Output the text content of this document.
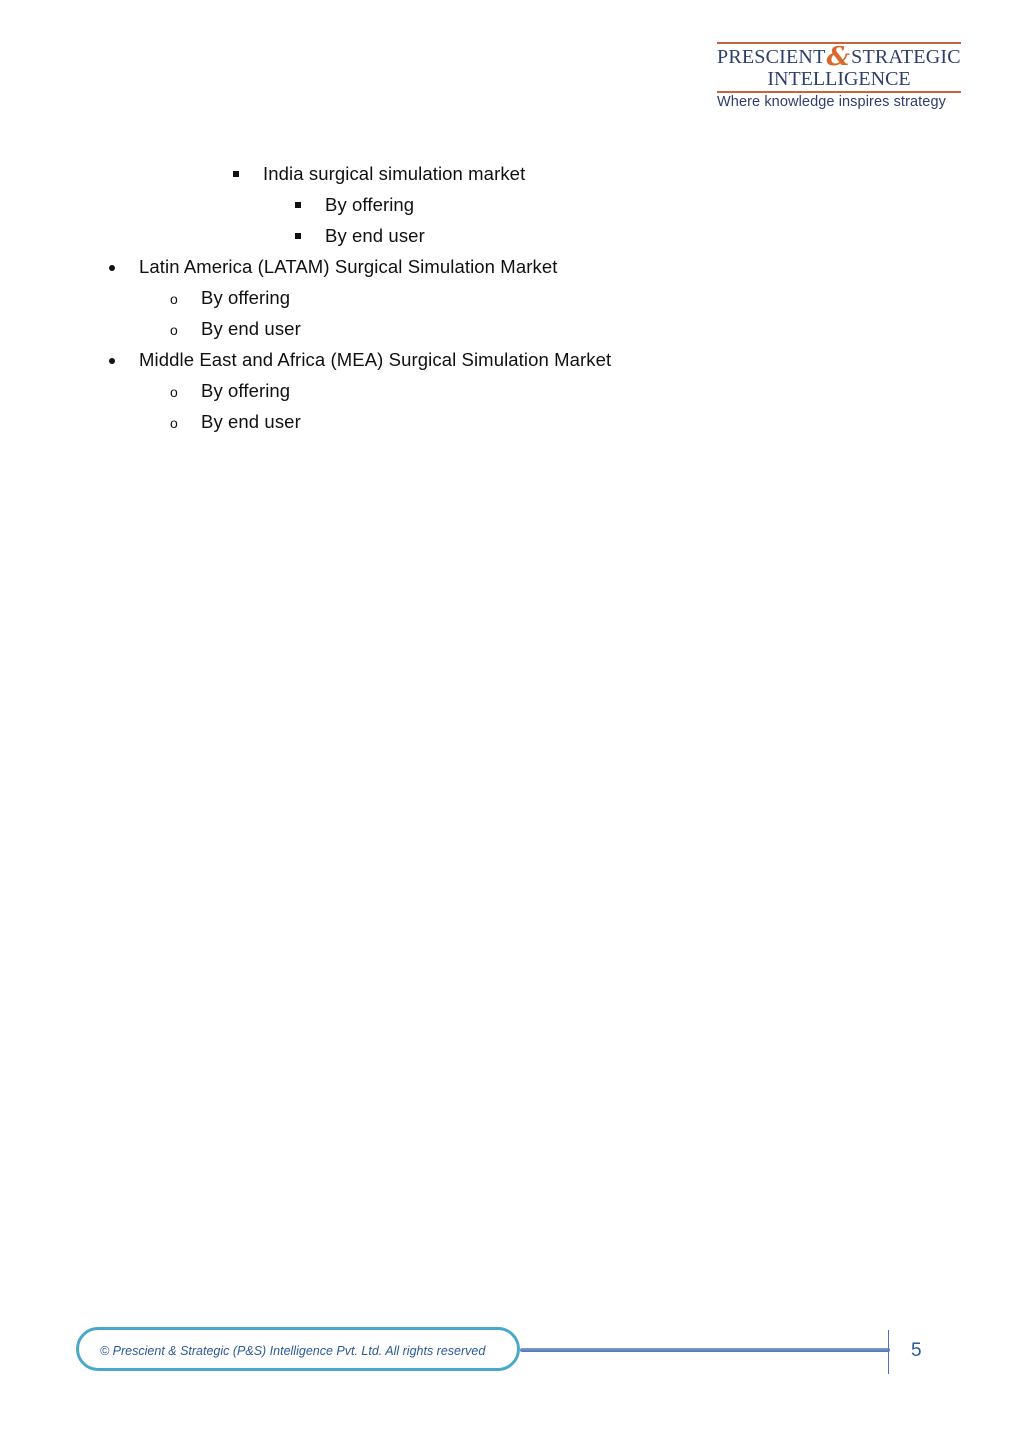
PRESCIENT&STRATEGIC
INTELLIGENCE
Where knowledge inspires strategy
India surgical simulation market
By offering
By end user
Latin America (LATAM) Surgical Simulation Market
o By offering
o By end user
Middle East and Africa (MEA) Surgical Simulation Market
o By offering
o By end user
© Prescient & Strategic (P&S) Intelligence Pvt. Ltd. All rights reserved	5
